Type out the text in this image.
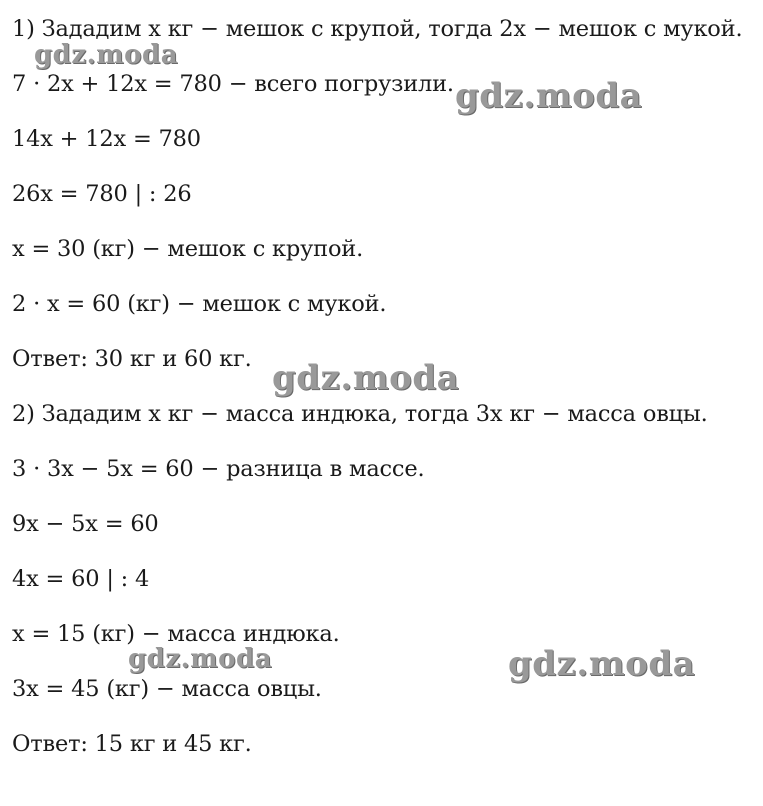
1) Зададим x кг − мешок с крупой, тогда 2x − мешок с мукой.
7 · 2x + 12x = 780 − всего погрузили.
14x + 12x = 780
26x = 780 | : 26
x = 30 (кг) − мешок с крупой.
2 · x = 60 (кг) − мешок с мукой.
Ответ: 30 кг и 60 кг.
2) Зададим x кг − масса индюка, тогда 3x кг − масса овцы.
3 · 3x − 5x = 60 − разница в массе.
9x − 5x = 60
4x = 60 | : 4
x = 15 (кг) − масса индюка.
3x = 45 (кг) − масса овцы.
Ответ: 15 кг и 45 кг.
gdz.moda
gdz.moda
gdz.moda
gdz.moda	gdz.moda
